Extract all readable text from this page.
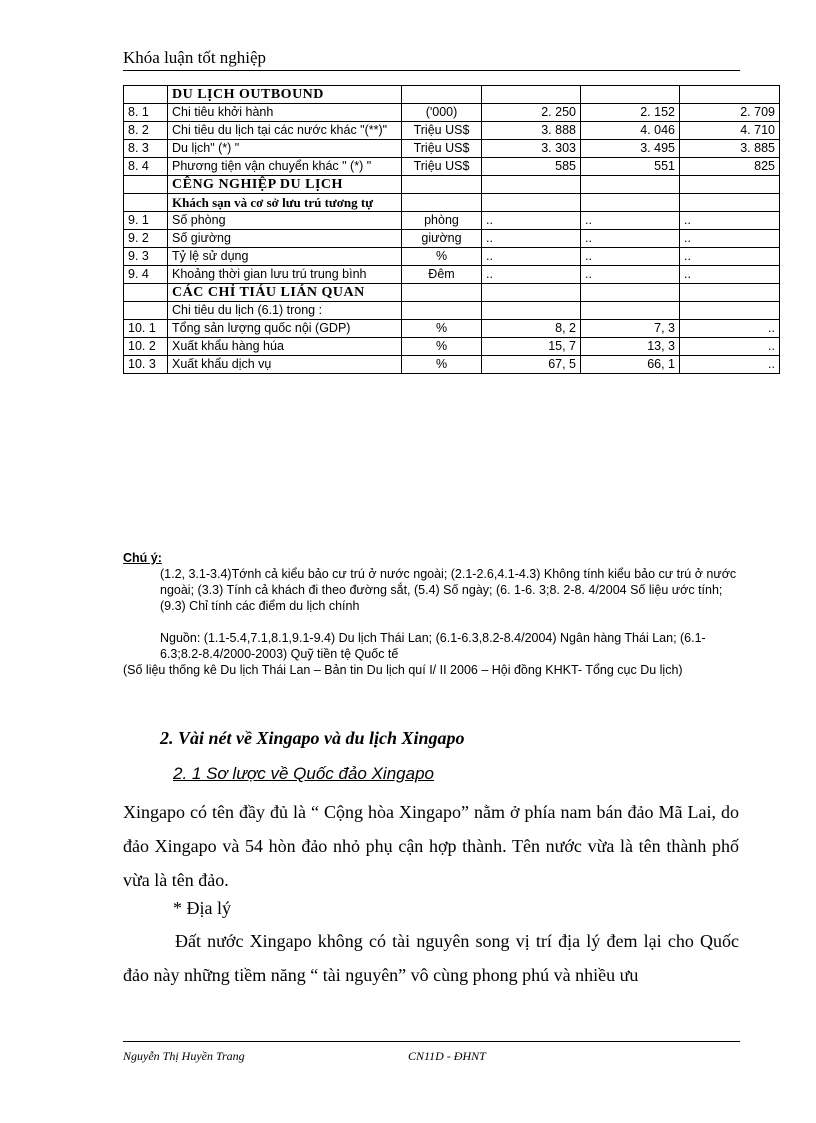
Khóa luận tốt nghiệp
	DU LỊCH OUTBOUND				
8. 1	Chi tiêu khởi hành	('000)	2. 250	2. 152	2. 709
8. 2	Chi tiêu du lịch tại các nước khác "(**)"	Triệu US$	3. 888	4. 046	4. 710
8. 3	Du lịch" (*) "	Triệu US$	3. 303	3. 495	3. 885
8. 4	Phương tiện vận chuyển khác " (*) "	Triệu US$	585	551	825
	CÊNG NGHIỆP DU LỊCH				
	Khách sạn và cơ sở lưu trú tương tự				
9. 1	Số phòng	phòng	..	..	..
9. 2	Số giường	giường	..	..	..
9. 3	Tỷ lệ sử dụng	%	..	..	..
9. 4	Khoảng thời gian lưu trú trung bình	Đêm	..	..	..
	CÁC CHỈ TIÁU LIÁN QUAN				
	Chi tiêu du lịch (6.1) trong :				
10. 1	Tổng sản lượng quốc nội (GDP)	%	8, 2	7, 3	..
10. 2	Xuất khẩu hàng húa	%	15, 7	13, 3	..
10. 3	Xuất khẩu dịch vụ	%	67, 5	66, 1	..
Chú ý:
(1.2, 3.1-3.4)Tớnh cả kiểu bảo cư trú ở nước ngoài; (2.1-2.6,4.1-4.3) Không tính kiểu bảo cư trú ở nước ngoài; (3.3) Tính cả khách đi theo đường sắt, (5.4) Số ngày; (6. 1-6. 3;8. 2-8. 4/2004 Số liệu ước tính; (9.3) Chỉ tính các điểm du lịch chính
Nguồn: (1.1-5.4,7.1,8.1,9.1-9.4) Du lịch Thái Lan; (6.1-6.3,8.2-8.4/2004) Ngân hàng Thái Lan; (6.1-6.3;8.2-8.4/2000-2003) Quỹ tiền tệ Quốc tế
(Số liệu thống kê Du lịch Thái Lan – Bản tin Du lịch quí I/ II 2006 – Hội đồng KHKT- Tổng cục Du lịch)
2. Vài nét về Xingapo và du lịch Xingapo
2. 1 Sơ lược về Quốc đảo Xingapo
Xingapo có tên đầy đủ là “ Cộng hòa Xingapo” nằm ở phía nam bán đảo Mã Lai, do đảo Xingapo và 54 hòn đảo nhỏ phụ cận hợp thành. Tên nước vừa là tên thành phố vừa là tên đảo.
* Địa lý
Đất nước Xingapo không có tài nguyên song vị trí địa lý đem lại cho Quốc đảo này những tiềm năng “ tài nguyên” vô cùng phong phú và nhiều ưu
Nguyễn Thị Huyền Trang	CN11D - ĐHNT
